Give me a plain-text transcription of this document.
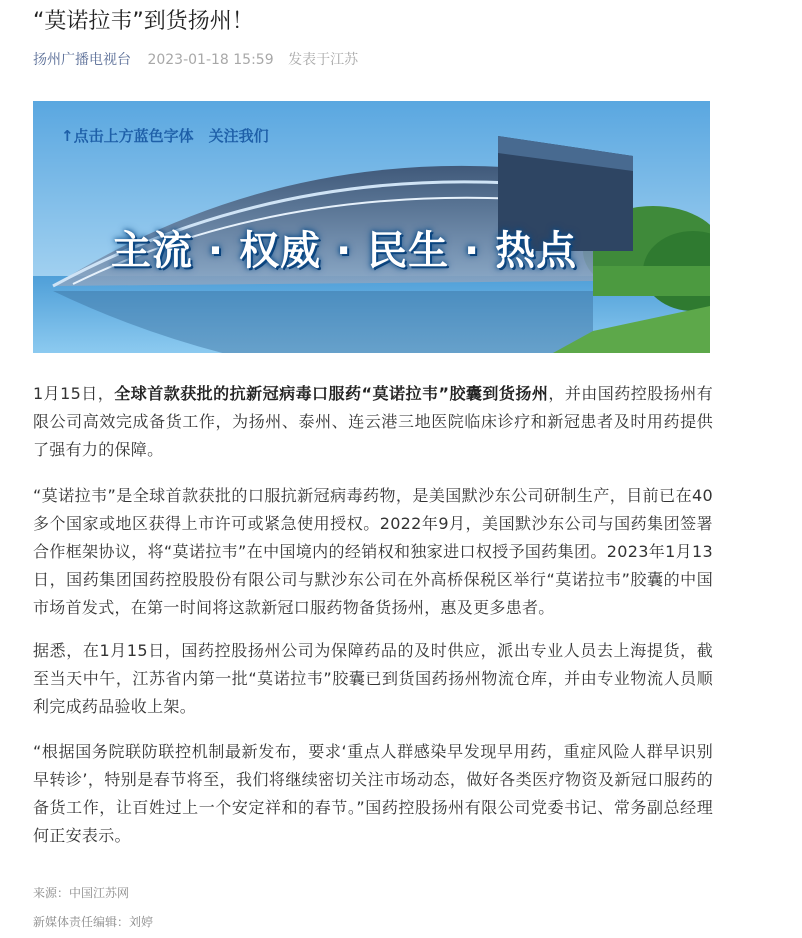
“莫诺拉韦”到货扬州！
扬州广播电视台 2023-01-18 15:59 发表于江苏
↑点击上方蓝色字体　关注我们
主流 · 权威 · 民生 · 热点

1月15日，全球首款获批的抗新冠病毒口服药“莫诺拉韦”胶囊到货扬州，并由国药控股扬州有限公司高效完成备货工作，为扬州、泰州、连云港三地医院临床诊疗和新冠患者及时用药提供了强有力的保障。

“莫诺拉韦”是全球首款获批的口服抗新冠病毒药物，是美国默沙东公司研制生产，目前已在40多个国家或地区获得上市许可或紧急使用授权。2022年9月，美国默沙东公司与国药集团签署合作框架协议，将“莫诺拉韦”在中国境内的经销权和独家进口权授予国药集团。2023年1月13日，国药集团国药控股股份有限公司与默沙东公司在外高桥保税区举行“莫诺拉韦”胶囊的中国市场首发式，在第一时间将这款新冠口服药物备货扬州，惠及更多患者。

据悉，在1月15日，国药控股扬州公司为保障药品的及时供应，派出专业人员去上海提货，截至当天中午，江苏省内第一批“莫诺拉韦”胶囊已到货国药扬州物流仓库，并由专业物流人员顺利完成药品验收上架。

“根据国务院联防联控机制最新发布，要求‘重点人群感染早发现早用药，重症风险人群早识别早转诊’，特别是春节将至，我们将继续密切关注市场动态，做好各类医疗物资及新冠口服药的备货工作，让百姓过上一个安定祥和的春节。”国药控股扬州有限公司党委书记、常务副总经理何正安表示。

来源：中国江苏网
新媒体责任编辑：刘婷
